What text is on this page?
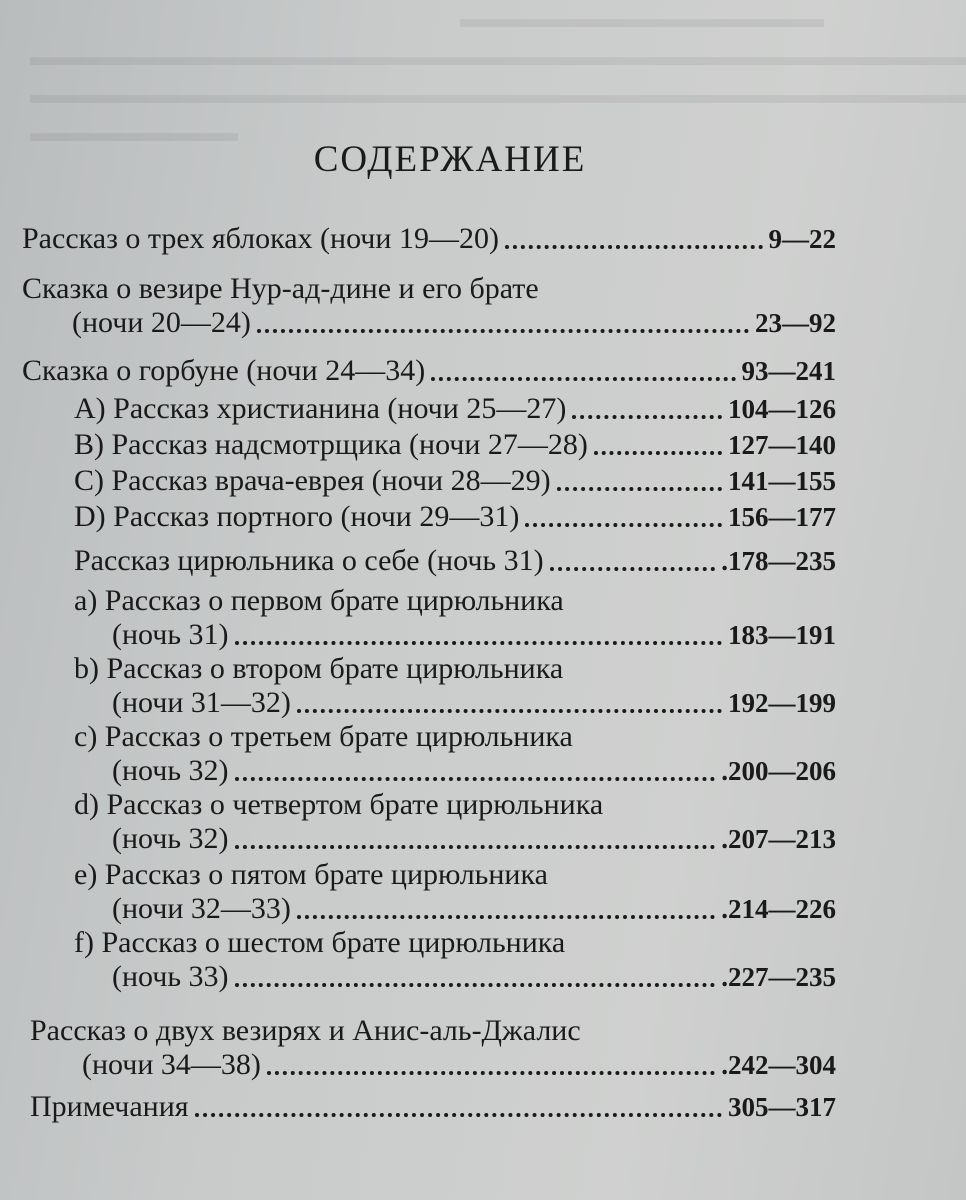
▬▬▬▬▬▬▬▬▬▬▬▬▬▬
▬▬▬▬▬▬▬▬▬▬▬▬▬▬▬▬▬▬▬▬▬▬▬▬▬▬▬▬▬▬▬▬▬▬▬▬
▬▬▬▬▬▬▬▬▬▬▬▬▬▬▬▬▬▬▬▬▬▬▬▬▬▬▬▬▬▬▬▬▬▬▬▬
▬▬▬▬▬▬▬▬
СОДЕРЖАНИЕ
Рассказ о трех яблоках (ночи 19—20)	9—22
Сказка о везире Нур-ад-дине и его брате
(ночи 20—24)	23—92
Сказка о горбуне (ночи 24—34)	93—241
A) Рассказ христианина (ночи 25—27)	104—126
B) Рассказ надсмотрщика (ночи 27—28)	127—140
C) Рассказ врача-еврея (ночи 28—29)	141—155
D) Рассказ портного (ночи 29—31)	156—177
Рассказ цирюльника о себе (ночь 31)	.178—235
a) Рассказ о первом брате цирюльника
(ночь 31)	183—191
b) Рассказ о втором брате цирюльника
(ночи 31—32)	192—199
c) Рассказ о третьем брате цирюльника
(ночь 32)	.200—206
d) Рассказ о четвертом брате цирюльника
(ночь 32)	.207—213
e) Рассказ о пятом брате цирюльника
(ночи 32—33)	.214—226
f) Рассказ о шестом брате цирюльника
(ночь 33)	.227—235
Рассказ о двух везирях и Анис-аль-Джалис
(ночи 34—38)	.242—304
Примечания	305—317
